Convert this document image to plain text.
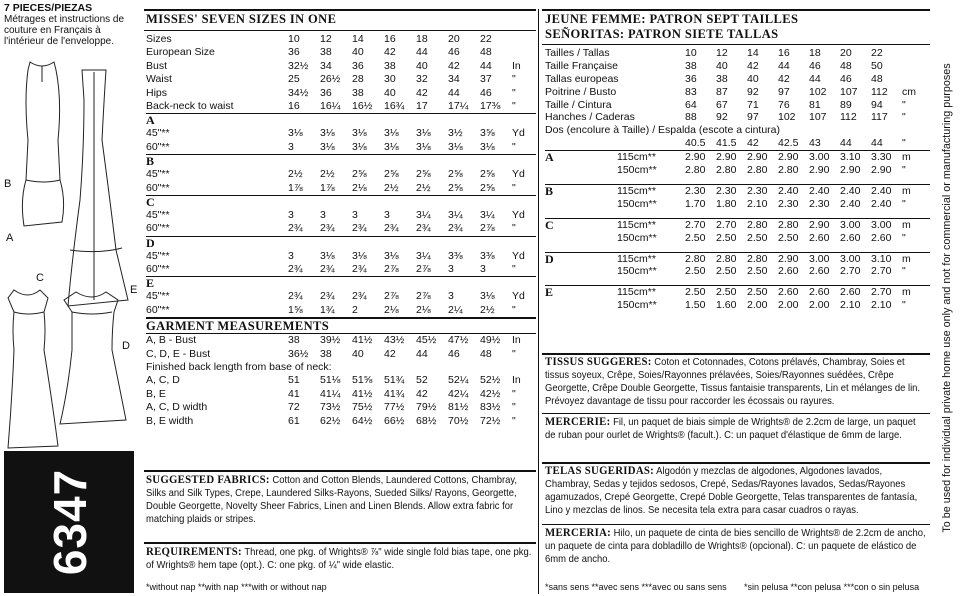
7 PIECES/PIEZAS
Métrages et instructions de couture en Français à l'intérieur de l'enveloppe.
B
A
C
E
D
6347
MISSES' SEVEN SIZES IN ONE
Sizes	10	12	14	16	18	20	22
European Size	36	38	40	42	44	46	48
Bust	32½	34	36	38	40	42	44	In
Waist	25	26½	28	30	32	34	37	"
Hips	34½	36	38	40	42	44	46	"
Back-neck to waist	16	16¼	16½	16¾	17	17¼	17⅜	"
A
45"**	3⅛	3⅛	3⅛	3⅛	3⅛	3½	3⅝	Yd
60"**	3	3⅛	3⅛	3⅛	3⅛	3⅛	3⅛	"
B
45"**	2½	2½	2⅝	2⅝	2⅝	2⅝	2⅝	Yd
60"**	1⅞	1⅞	2⅛	2½	2½	2⅝	2⅝	"
C
45"**	3	3	3	3	3¼	3¼	3¼	Yd
60"**	2¾	2¾	2¾	2¾	2¾	2¾	2⅞	"
D
45"**	3	3⅛	3⅛	3⅛	3¼	3⅜	3⅜	Yd
60"**	2¾	2¾	2¾	2⅞	2⅞	3	3	"
E
45"**	2¾	2¾	2¾	2⅞	2⅞	3	3⅛	Yd
60"**	1⅝	1¾	2	2⅛	2⅛	2¼	2½	"
GARMENT MEASUREMENTS
A, B - Bust	38	39½	41½	43½	45½	47½	49½	In
C, D, E - Bust	36½	38	40	42	44	46	48	"
Finished back length from base of neck:
A, C, D	51	51⅛	51⅝	51¾	52	52¼	52½	In
B, E	41	41¼	41½	41¾	42	42¼	42½	"
A, C, D width	72	73½	75½	77½	79½	81½	83½	"
B, E width	61	62½	64½	66½	68½	70½	72½	"
SUGGESTED FABRICS: Cotton and Cotton Blends, Laundered Cottons, Chambray, Silks and Silk Types, Crepe, Laundered Silks-Rayons, Sueded Silks/ Rayons, Georgette, Double Georgette, Novelty Sheer Fabrics, Linen and Linen Blends. Allow extra fabric for matching plaids or stripes.
REQUIREMENTS: Thread, one pkg. of Wrights® ⅞" wide single fold bias tape, one pkg. of Wrights® hem tape (opt.). C: one pkg. of ¼" wide elastic.
*without nap **with nap ***with or without nap
JEUNE FEMME: PATRON SEPT TAILLES
SEÑORITAS: PATRON SIETE TALLAS
Tailles / Tallas	10	12	14	16	18	20	22
Taille Française	38	40	42	44	46	48	50
Tallas europeas	36	38	40	42	44	46	48
Poitrine / Busto	83	87	92	97	102	107	112	cm
Taille / Cintura	64	67	71	76	81	89	94	"
Hanches / Caderas	88	92	97	102	107	112	117	"
Dos (encolure à Taille) / Espalda (escote a cintura)
40.5	41.5	42	42.5	43	44	44	"
A	115cm**	2.90	2.90	2.90	2.90	3.00	3.10	3.30	m
150cm**	2.80	2.80	2.80	2.80	2.90	2.90	2.90	"
B	115cm**	2.30	2.30	2.30	2.40	2.40	2.40	2.40	m
150cm**	1.70	1.80	2.10	2.30	2.30	2.40	2.40	"
C	115cm**	2.70	2.70	2.80	2.80	2.90	3.00	3.00	m
150cm**	2.50	2.50	2.50	2.50	2.60	2.60	2.60	"
D	115cm**	2.80	2.80	2.80	2.90	3.00	3.00	3.10	m
150cm**	2.50	2.50	2.50	2.60	2.60	2.70	2.70	"
E	115cm**	2.50	2.50	2.50	2.60	2.60	2.60	2.70	m
150cm**	1.50	1.60	2.00	2.00	2.00	2.10	2.10	"
TISSUS SUGGERES: Coton et Cotonnades, Cotons prélavés, Chambray, Soies et tissus soyeux, Crêpe, Soies/Rayonnes prélavées, Soies/Rayonnes suédées, Crêpe Georgette, Crêpe Double Georgette, Tissus fantaisie transparents, Lin et mélanges de lin. Prévoyez davantage de tissu pour raccorder les écossais ou rayures.
MERCERIE: Fil, un paquet de biais simple de Wrights® de 2.2cm de large, un paquet de ruban pour ourlet de Wrights® (facult.). C: un paquet d'élastique de 6mm de large.
TELAS SUGERIDAS: Algodón y mezclas de algodones, Algodones lavados, Chambray, Sedas y tejidos sedosos, Crepé, Sedas/Rayones lavados, Sedas/Rayones agamuzados, Crepé Georgette, Crepé Doble Georgette, Telas transparentes de fantasía, Lino y mezclas de linos. Se necesita tela extra para casar cuadros o rayas.
MERCERIA: Hilo, un paquete de cinta de bies sencillo de Wrights® de 2.2cm de ancho, un paquete de cinta para dobladillo de Wrights® (opcional). C: un paquete de elástico de 6mm de ancho.
*sans sens **avec sens ***avec ou sans sens *sin pelusa **con pelusa ***con o sin pelusa
To be used for individual private home use only and not for commercial or manufacturing purposes
